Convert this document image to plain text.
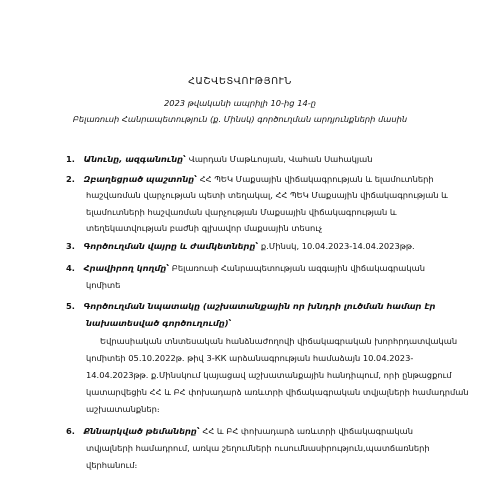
ՀԱՇՎԵՏՎՈՒԹՅՈՒՆ
2023 թվականի ապրիլի 10-ից 14-ը
Բելառուսի Հանրապետություն (ք. Մինսկ) գործուղման արդյունքների մասին
1. Անունը, ազգանունը՝ Վարդան Մաթևոսյան, Վահան Սահակյան
2. Զբաղեցրած պաշտոնը՝ ՀՀ ՊԵԿ Մաքսային վիճակագրության և ելամուտների
հաշվառման վարչության պետի տեղակալ, ՀՀ ՊԵԿ Մաքսային վիճակագրության և
ելամուտների հաշվառման վարչության Մաքսային վիճակագրության և
տեղեկատվության բաժնի գլխավոր մաքսային տեսուչ
3. Գործուղման վայրը և ժամկետները՝ ք.Մինսկ, 10.04.2023-14.04.2023թթ.
4. Հրավիրող կողմը՝ Բելառուսի Հանրապետության ազգային վիճակագրական
կոմիտե
5. Գործուղման նպատակը (աշխատանքային որ խնդրի լուծման համար էր
նախատեսված գործուղումը)՝
Եվրասիական տնտեսական հանձնաժողովի վիճակագրական խորհրդատվական
կոմիտեի 05.10.2022թ. թիվ 3-КК արձանագրության համաձայն 10.04.2023-
14.04.2023թթ. ք.Մինսկում կայացավ աշխատանքային հանդիպում, որի ընթացքում
կատարվեցին ՀՀ և ԲՀ փոխադարձ առևտրի վիճակագրական տվյալների համադրման
աշխատանքներ։
6. Քննարկված թեմաները՝ ՀՀ և ԲՀ փոխադարձ առևտրի վիճակագրական
տվյալների համադրում, առկա շեղումների ուսումնասիրություն,պատճառների
վերհանում։
